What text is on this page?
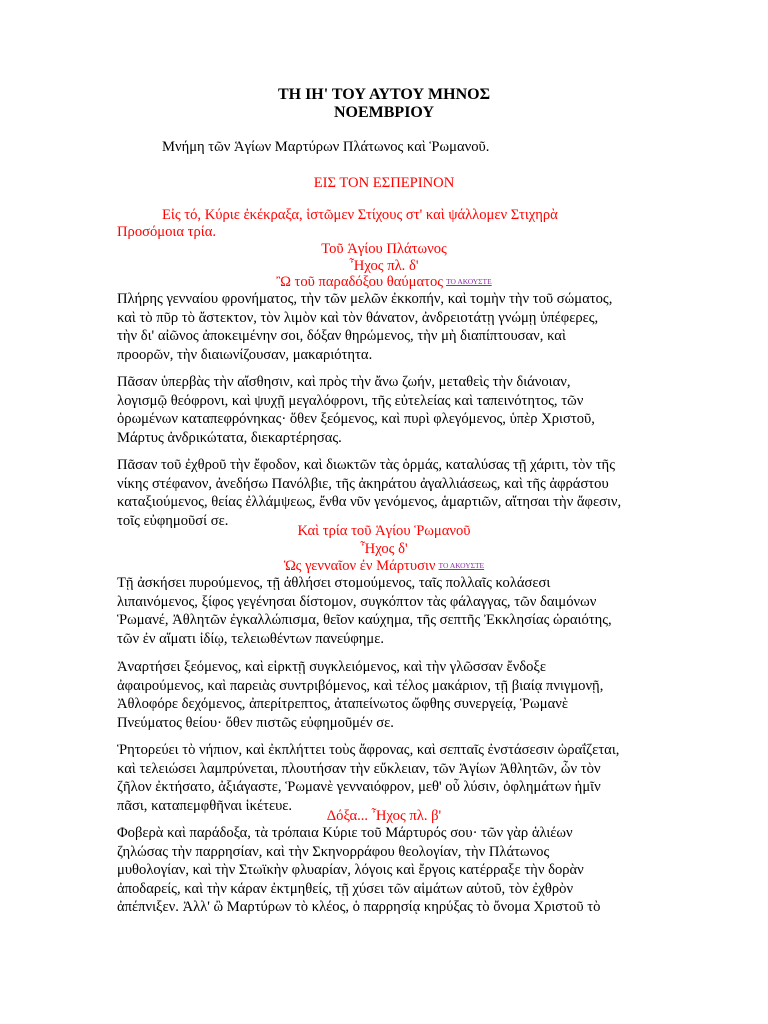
ΤΗ ΙΗ' ΤΟΥ ΑΥΤΟΥ ΜΗΝΟΣ
ΝΟΕΜΒΡΙΟΥ
Μνήμη τῶν Ἁγίων Μαρτύρων Πλάτωνος καὶ Ῥωμανοῦ.
ΕΙΣ ΤΟΝ ΕΣΠΕΡΙΝΟΝ
Εἰς τό, Κύριε ἐκέκραξα, ἱστῶμεν Στίχους στ' καὶ ψάλλομεν Στιχηρὰ
Προσόμοια τρία.
Τοῦ Ἁγίου Πλάτωνος
Ἦχος πλ. δ'
Ὢ τοῦ παραδόξου θαύματος ΤΟ ΑΚΟΥΣΤΕ
Πλήρης γενναίου φρονήματος, τὴν τῶν μελῶν ἐκκοπήν, καὶ τομὴν τὴν τοῦ σώματος,
καὶ τὸ πῦρ τὸ ἄστεκτον, τὸν λιμὸν καὶ τὸν θάνατον, ἀνδρειοτάτῃ γνώμῃ ὑπέφερες,
τὴν δι' αἰῶνος ἀποκειμένην σοι, δόξαν θηρώμενος, τὴν μὴ διαπίπτουσαν, καὶ
προορῶν, τὴν διαιωνίζουσαν, μακαριότητα.
Πᾶσαν ὑπερβὰς τὴν αἴσθησιν, καὶ πρὸς τὴν ἄνω ζωήν, μεταθεὶς τὴν διάνοιαν,
λογισμῷ θεόφρονι, καὶ ψυχῇ μεγαλόφρονι, τῆς εὐτελείας καὶ ταπεινότητος, τῶν
ὁρωμένων καταπεφρόνηκας· ὅθεν ξεόμενος, καὶ πυρὶ φλεγόμενος, ὑπὲρ Χριστοῦ,
Μάρτυς ἀνδρικώτατα, διεκαρτέρησας.
Πᾶσαν τοῦ ἐχθροῦ τὴν ἔφοδον, καὶ διωκτῶν τὰς ὁρμάς, καταλύσας τῇ χάριτι, τὸν τῆς
νίκης στέφανον, ἀνεδήσω Πανόλβιε, τῆς ἀκηράτου ἀγαλλιάσεως, καὶ τῆς ἀφράστου
καταξιούμενος, θείας ἐλλάμψεως, ἔνθα νῦν γενόμενος, ἁμαρτιῶν, αἴτησαι τὴν ἄφεσιν,
τοῖς εὐφημοῦσί σε.
Καὶ τρία τοῦ Ἁγίου Ῥωμανοῦ
Ἦχος δ'
Ὡς γενναῖον ἐν Μάρτυσιν ΤΟ ΑΚΟΥΣΤΕ
Τῇ ἀσκήσει πυρούμενος, τῇ ἀθλήσει στομούμενος, ταῖς πολλαῖς κολάσεσι
λιπαινόμενος, ξίφος γεγένησαι δίστομον, συγκόπτον τὰς φάλαγγας, τῶν δαιμόνων
Ῥωμανέ, Ἀθλητῶν ἐγκαλλώπισμα, θεῖον καύχημα, τῆς σεπτῆς Ἐκκλησίας ὡραιότης,
τῶν ἐν αἵματι ἰδίῳ, τελειωθέντων πανεύφημε.
Ἀναρτήσει ξεόμενος, καὶ εἱρκτῇ συγκλειόμενος, καὶ τὴν γλῶσσαν ἔνδοξε
ἀφαιρούμενος, καὶ παρειὰς συντριβόμενος, καὶ τέλος μακάριον, τῇ βιαίᾳ πνιγμονῇ,
Ἀθλοφόρε δεχόμενος, ἀπερίτρεπτος, ἀταπείνωτος ὤφθης συνεργείᾳ, Ῥωμανὲ
Πνεύματος θείου· ὅθεν πιστῶς εὐφημοῦμέν σε.
Ῥητορεύει τὸ νήπιον, καὶ ἐκπλήττει τοὺς ἄφρονας, καὶ σεπταῖς ἐνστάσεσιν ὡραΐζεται,
καὶ τελειώσει λαμπρύνεται, πλουτήσαν τὴν εὔκλειαν, τῶν Ἁγίων Ἀθλητῶν, ὧν τὸν
ζῆλον ἐκτήσατο, ἀξιάγαστε, Ῥωμανὲ γενναιόφρον, μεθ' οὗ λύσιν, ὀφλημάτων ἡμῖν
πᾶσι, καταπεμφθῆναι ἱκέτευε.
Δόξα... Ἦχος πλ. β'
Φοβερὰ καὶ παράδοξα, τὰ τρόπαια Κύριε τοῦ Μάρτυρός σου· τῶν γὰρ ἁλιέων
ζηλώσας τὴν παρρησίαν, καὶ τὴν Σκηνορράφου θεολογίαν, τὴν Πλάτωνος
μυθολογίαν, καὶ τὴν Στωϊκὴν φλυαρίαν, λόγοις καὶ ἔργοις κατέρραξε τὴν δορὰν
ἀποδαρείς, καὶ τὴν κάραν ἐκτμηθείς, τῇ χύσει τῶν αἱμάτων αὐτοῦ, τὸν ἐχθρὸν
ἀπέπνιξεν. Ἀλλ' ὢ Μαρτύρων τὸ κλέος, ὁ παρρησίᾳ κηρύξας τὸ ὄνομα Χριστοῦ τὸ
